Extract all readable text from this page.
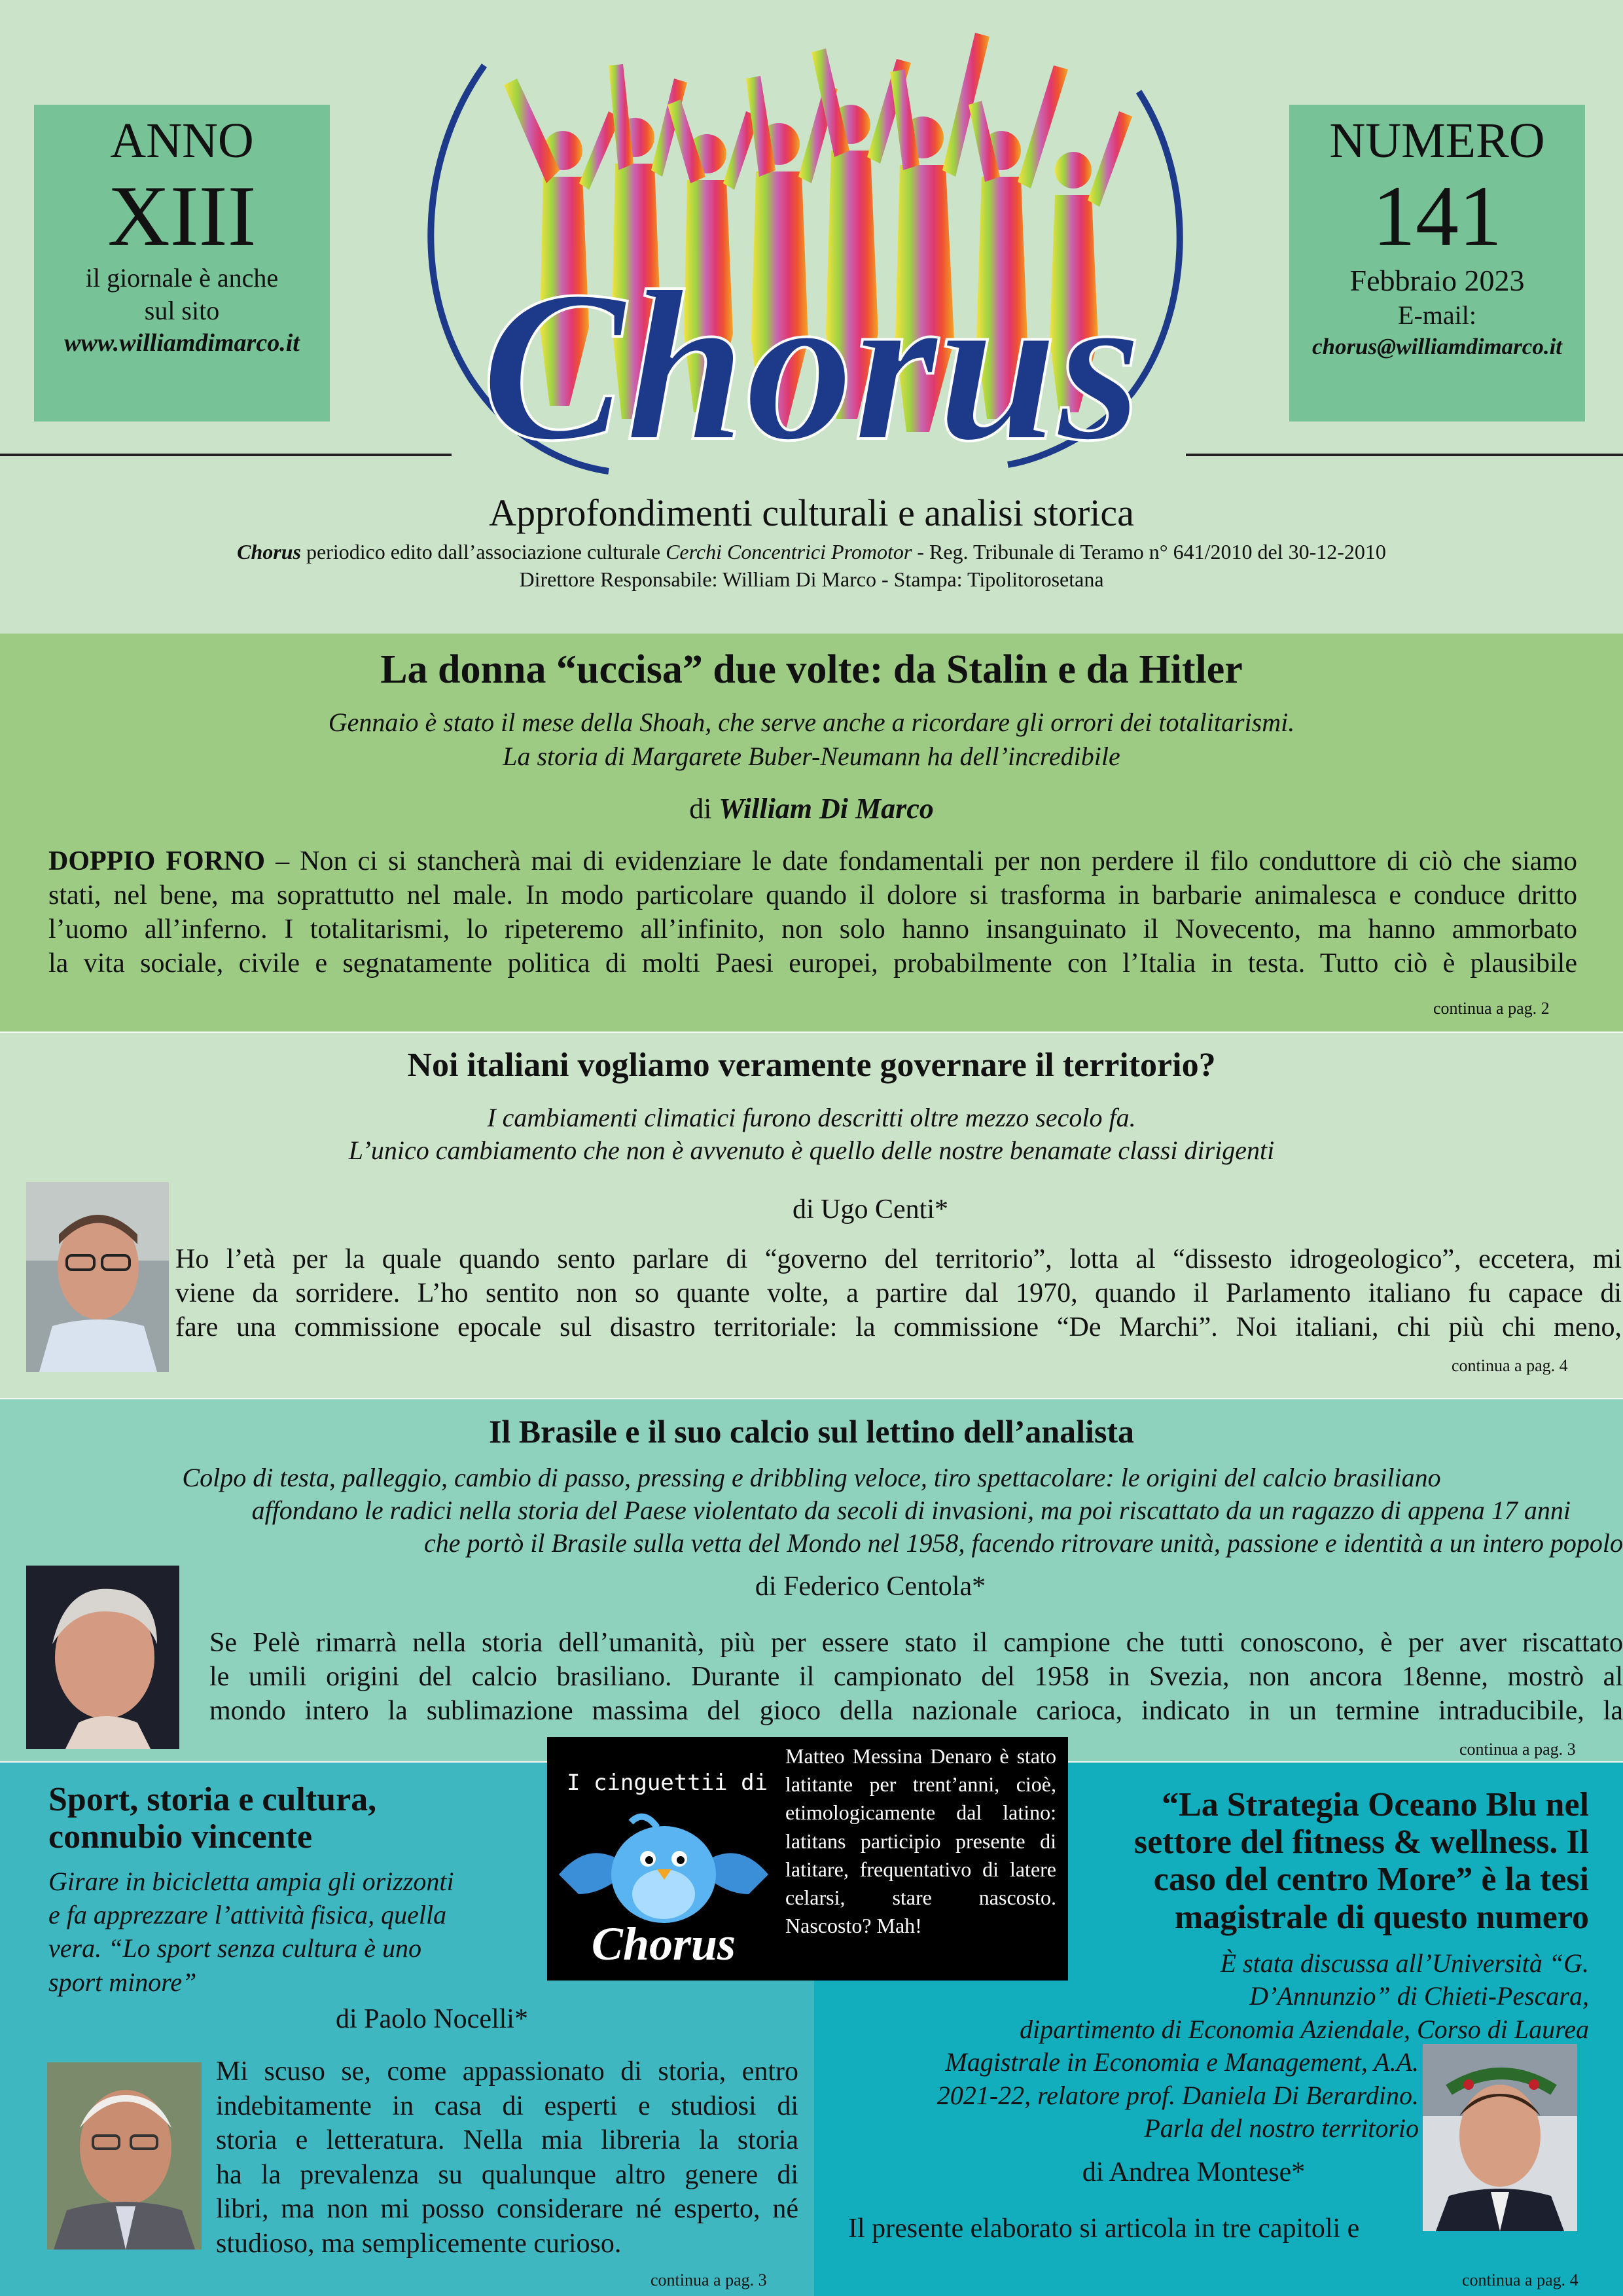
ANNO
XIII
il giornale è anche
sul sito
www.williamdimarco.it
NUMERO
141
Febbraio 2023
E-mail:
chorus@williamdimarco.it
Chorus
Approfondimenti culturali e analisi storica
Chorus periodico edito dall’associazione culturale Cerchi Concentrici Promotor - Reg. Tribunale di Teramo n° 641/2010 del 30-12-2010
Direttore Responsabile: William Di Marco - Stampa: Tipolitorosetana
La donna “uccisa” due volte: da Stalin e da Hitler
Gennaio è stato il mese della Shoah, che serve anche a ricordare gli orrori dei totalitarismi.
La storia di Margarete Buber-Neumann ha dell’incredibile
di William Di Marco
DOPPIO FORNO – Non ci si stancherà mai di evidenziare le date fondamentali per non perdere il filo conduttore di ciò che siamo
stati, nel bene, ma soprattutto nel male. In modo particolare quando il dolore si trasforma in barbarie animalesca e conduce dritto
l’uomo all’inferno. I totalitarismi, lo ripeteremo all’infinito, non solo hanno insanguinato il Novecento, ma hanno ammorbato
la vita sociale, civile e segnatamente politica di molti Paesi europei, probabilmente con l’Italia in testa. Tutto ciò è plausibile
continua a pag. 2
Noi italiani vogliamo veramente governare il territorio?
I cambiamenti climatici furono descritti oltre mezzo secolo fa.
L’unico cambiamento che non è avvenuto è quello delle nostre benamate classi dirigenti
di Ugo Centi*
Ho l’età per la quale quando sento parlare di “governo del territorio”, lotta al “dissesto idrogeologico”, eccetera, mi
viene da sorridere. L’ho sentito non so quante volte, a partire dal 1970, quando il Parlamento italiano fu capace di
fare una commissione epocale sul disastro territoriale: la commissione “De Marchi”. Noi italiani, chi più chi meno,
continua a pag. 4
Il Brasile e il suo calcio sul lettino dell’analista
Colpo di testa, palleggio, cambio di passo, pressing e dribbling veloce, tiro spettacolare: le origini del calcio brasiliano
affondano le radici nella storia del Paese violentato da secoli di invasioni, ma poi riscattato da un ragazzo di appena 17 anni
che portò il Brasile sulla vetta del Mondo nel 1958, facendo ritrovare unità, passione e identità a un intero popolo
di Federico Centola*
Se Pelè rimarrà nella storia dell’umanità, più per essere stato il campione che tutti conoscono, è per aver riscattato
le umili origini del calcio brasiliano. Durante il campionato del 1958 in Svezia, non ancora 18enne, mostrò al
mondo intero la sublimazione massima del gioco della nazionale carioca, indicato in un termine intraducibile, la
continua a pag. 3
Sport, storia e cultura,
connubio vincente
Girare in bicicletta ampia gli orizzonti
e fa apprezzare l’attività fisica, quella
vera. “Lo sport senza cultura è uno
sport minore”
di Paolo Nocelli*
Mi scuso se, come appassionato di storia, entro
indebitamente in casa di esperti e studiosi di
storia e letteratura. Nella mia libreria la storia
ha la prevalenza su qualunque altro genere di
libri, ma non mi posso considerare né esperto, né
studioso, ma semplicemente curioso.
continua a pag. 3
“La Strategia Oceano Blu nel
settore del fitness & wellness. Il
caso del centro More” è la tesi
magistrale di questo numero
È stata discussa all’Università “G.
D’Annunzio” di Chieti-Pescara,
dipartimento di Economia Aziendale, Corso di Laurea
Magistrale in Economia e Management, A.A.
2021-22, relatore prof. Daniela Di Berardino.
Parla del nostro territorio
di Andrea Montese*
Il presente elaborato si articola in tre capitoli e
continua a pag. 4
I cinguettii di
Chorus
Matteo Messina Denaro è stato latitante per trent’anni, cioè, etimologicamente dal latino: latitans participio presente di latitare, frequentativo di latere celarsi, stare nascosto. Nascosto? Mah!
